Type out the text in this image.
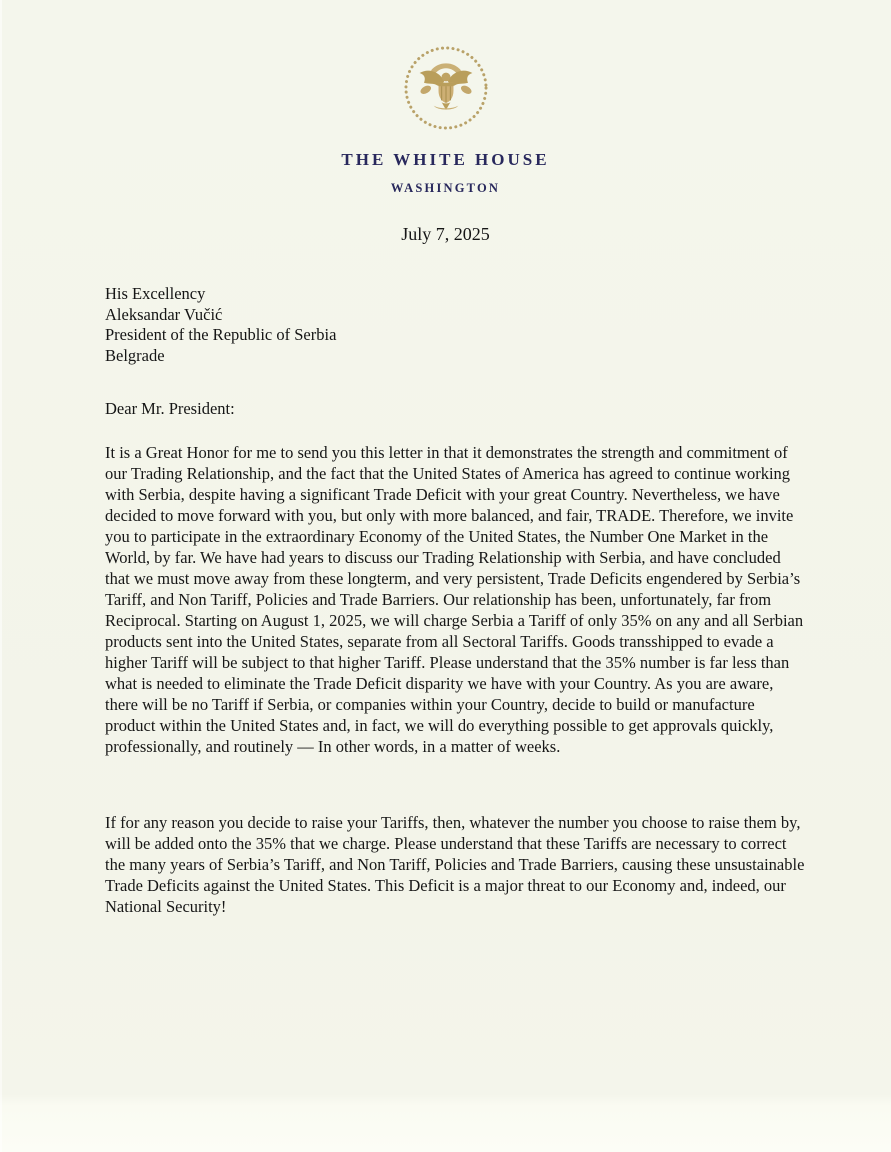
THE WHITE HOUSE
WASHINGTON
July 7, 2025
His Excellency
Aleksandar Vučić
President of the Republic of Serbia
Belgrade
Dear Mr. President:

It is a Great Honor for me to send you this letter in that it demonstrates the strength and commitment of our Trading Relationship, and the fact that the United States of America has agreed to continue working with Serbia, despite having a significant Trade Deficit with your great Country. Nevertheless, we have decided to move forward with you, but only with more balanced, and fair, TRADE. Therefore, we invite you to participate in the extraordinary Economy of the United States, the Number One Market in the World, by far. We have had years to discuss our Trading Relationship with Serbia, and have concluded that we must move away from these longterm, and very persistent, Trade Deficits engendered by Serbia’s Tariff, and Non Tariff, Policies and Trade Barriers. Our relationship has been, unfortunately, far from Reciprocal. Starting on August 1, 2025, we will charge Serbia a Tariff of only 35% on any and all Serbian products sent into the United States, separate from all Sectoral Tariffs. Goods transshipped to evade a higher Tariff will be subject to that higher Tariff. Please understand that the 35% number is far less than what is needed to eliminate the Trade Deficit disparity we have with your Country. As you are aware, there will be no Tariff if Serbia, or companies within your Country, decide to build or manufacture product within the United States and, in fact, we will do everything possible to get approvals quickly, professionally, and routinely — In other words, in a matter of weeks.

If for any reason you decide to raise your Tariffs, then, whatever the number you choose to raise them by, will be added onto the 35% that we charge. Please understand that these Tariffs are necessary to correct the many years of Serbia’s Tariff, and Non Tariff, Policies and Trade Barriers, causing these unsustainable Trade Deficits against the United States. This Deficit is a major threat to our Economy and, indeed, our National Security!
